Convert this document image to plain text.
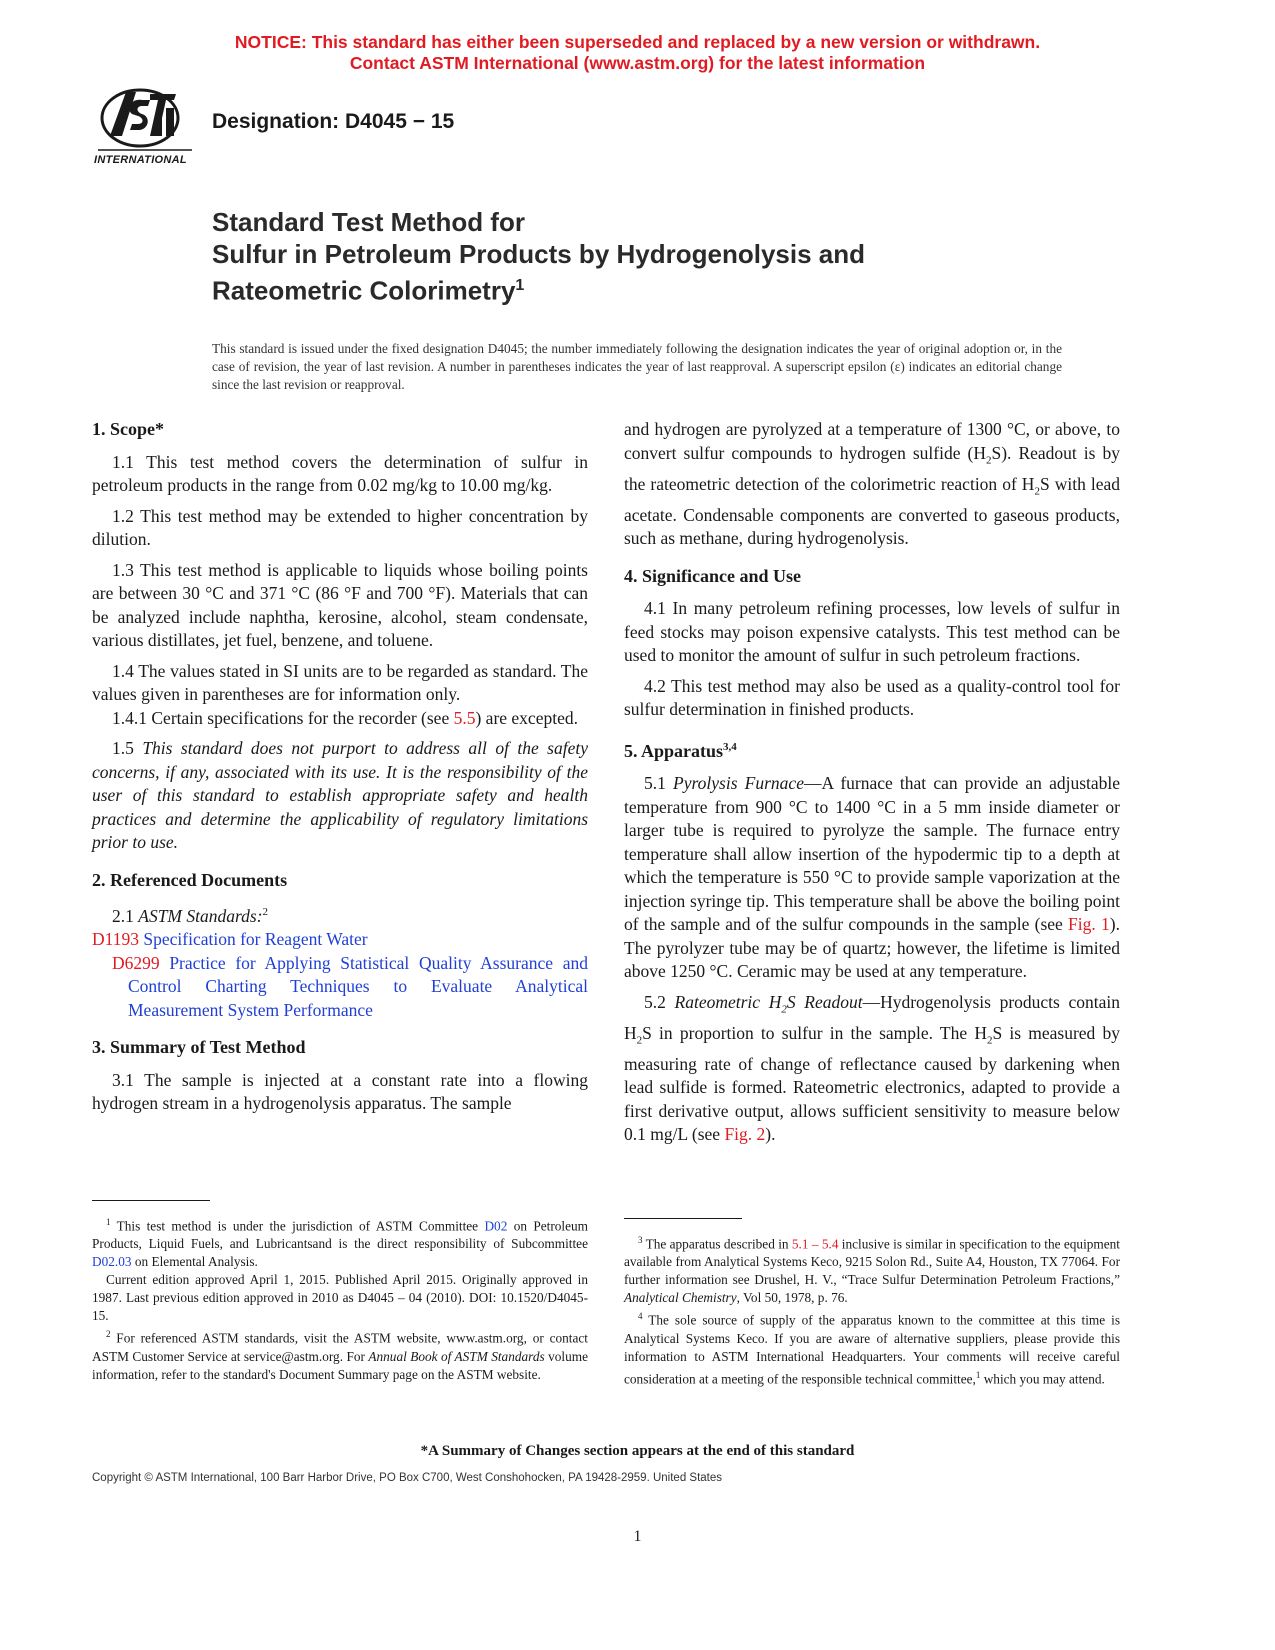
NOTICE: This standard has either been superseded and replaced by a new version or withdrawn.
Contact ASTM International (www.astm.org) for the latest information
INTERNATIONAL
Designation: D4045 − 15
Standard Test Method for
Sulfur in Petroleum Products by Hydrogenolysis and
Rateometric Colorimetry$^1$
This standard is issued under the fixed designation D4045; the number immediately following the designation indicates the year of original adoption or, in the case of revision, the year of last revision. A number in parentheses indicates the year of last reapproval. A superscript epsilon (ε) indicates an editorial change since the last revision or reapproval.
1. Scope*

1.1 This test method covers the determination of sulfur in petroleum products in the range from 0.02 mg/kg to 10.00 mg/kg.

1.2 This test method may be extended to higher concentration by dilution.

1.3 This test method is applicable to liquids whose boiling points are between 30 °C and 371 °C (86 °F and 700 °F). Materials that can be analyzed include naphtha, kerosine, alcohol, steam condensate, various distillates, jet fuel, benzene, and toluene.

1.4 The values stated in SI units are to be regarded as standard. The values given in parentheses are for information only.

1.4.1 Certain specifications for the recorder (see 5.5) are excepted.

1.5 This standard does not purport to address all of the safety concerns, if any, associated with its use. It is the responsibility of the user of this standard to establish appropriate safety and health practices and determine the applicability of regulatory limitations prior to use.

2. Referenced Documents

2.1 ASTM Standards:$^2$

D1193 Specification for Reagent Water
D6299 Practice for Applying Statistical Quality Assurance and Control Charting Techniques to Evaluate Analytical Measurement System Performance
3. Summary of Test Method

3.1 The sample is injected at a constant rate into a flowing hydrogen stream in a hydrogenolysis apparatus. The sample

and hydrogen are pyrolyzed at a temperature of 1300 °C, or above, to convert sulfur compounds to hydrogen sulfide $(H_2S)$. Readout is by the rateometric detection of the colorimetric reaction of $H_2S$ with lead acetate. Condensable components are converted to gaseous products, such as methane, during hydrogenolysis.

4. Significance and Use

4.1 In many petroleum refining processes, low levels of sulfur in feed stocks may poison expensive catalysts. This test method can be used to monitor the amount of sulfur in such petroleum fractions.

4.2 This test method may also be used as a quality-control tool for sulfur determination in finished products.

5. Apparatus$^{3,4}$

5.1 Pyrolysis Furnace—A furnace that can provide an adjustable temperature from 900 °C to 1400 °C in a 5 mm inside diameter or larger tube is required to pyrolyze the sample. The furnace entry temperature shall allow insertion of the hypodermic tip to a depth at which the temperature is 550 °C to provide sample vaporization at the injection syringe tip. This temperature shall be above the boiling point of the sample and of the sulfur compounds in the sample (see Fig. 1). The pyrolyzer tube may be of quartz; however, the lifetime is limited above 1250 °C. Ceramic may be used at any temperature.

5.2 Rateometric $H_2S$ Readout—Hydrogenolysis products contain $H_2S$ in proportion to sulfur in the sample. The $H_2S$ is measured by measuring rate of change of reflectance caused by darkening when lead sulfide is formed. Rateometric electronics, adapted to provide a first derivative output, allows sufficient sensitivity to measure below 0.1 mg/L (see Fig. 2).

$^1$ This test method is under the jurisdiction of ASTM Committee D02 on Petroleum Products, Liquid Fuels, and Lubricantsand is the direct responsibility of Subcommittee D02.03 on Elemental Analysis.

Current edition approved April 1, 2015. Published April 2015. Originally approved in 1987. Last previous edition approved in 2010 as D4045 – 04 (2010). DOI: 10.1520/D4045-15.

$^2$ For referenced ASTM standards, visit the ASTM website, www.astm.org, or contact ASTM Customer Service at service@astm.org. For Annual Book of ASTM Standards volume information, refer to the standard's Document Summary page on the ASTM website.

$^3$ The apparatus described in 5.1 – 5.4 inclusive is similar in specification to the equipment available from Analytical Systems Keco, 9215 Solon Rd., Suite A4, Houston, TX 77064. For further information see Drushel, H. V., “Trace Sulfur Determination Petroleum Fractions,” Analytical Chemistry, Vol 50, 1978, p. 76.

$^4$ The sole source of supply of the apparatus known to the committee at this time is Analytical Systems Keco. If you are aware of alternative suppliers, please provide this information to ASTM International Headquarters. Your comments will receive careful consideration at a meeting of the responsible technical committee,$^1$ which you may attend.

*A Summary of Changes section appears at the end of this standard
Copyright © ASTM International, 100 Barr Harbor Drive, PO Box C700, West Conshohocken, PA 19428-2959. United States
1
